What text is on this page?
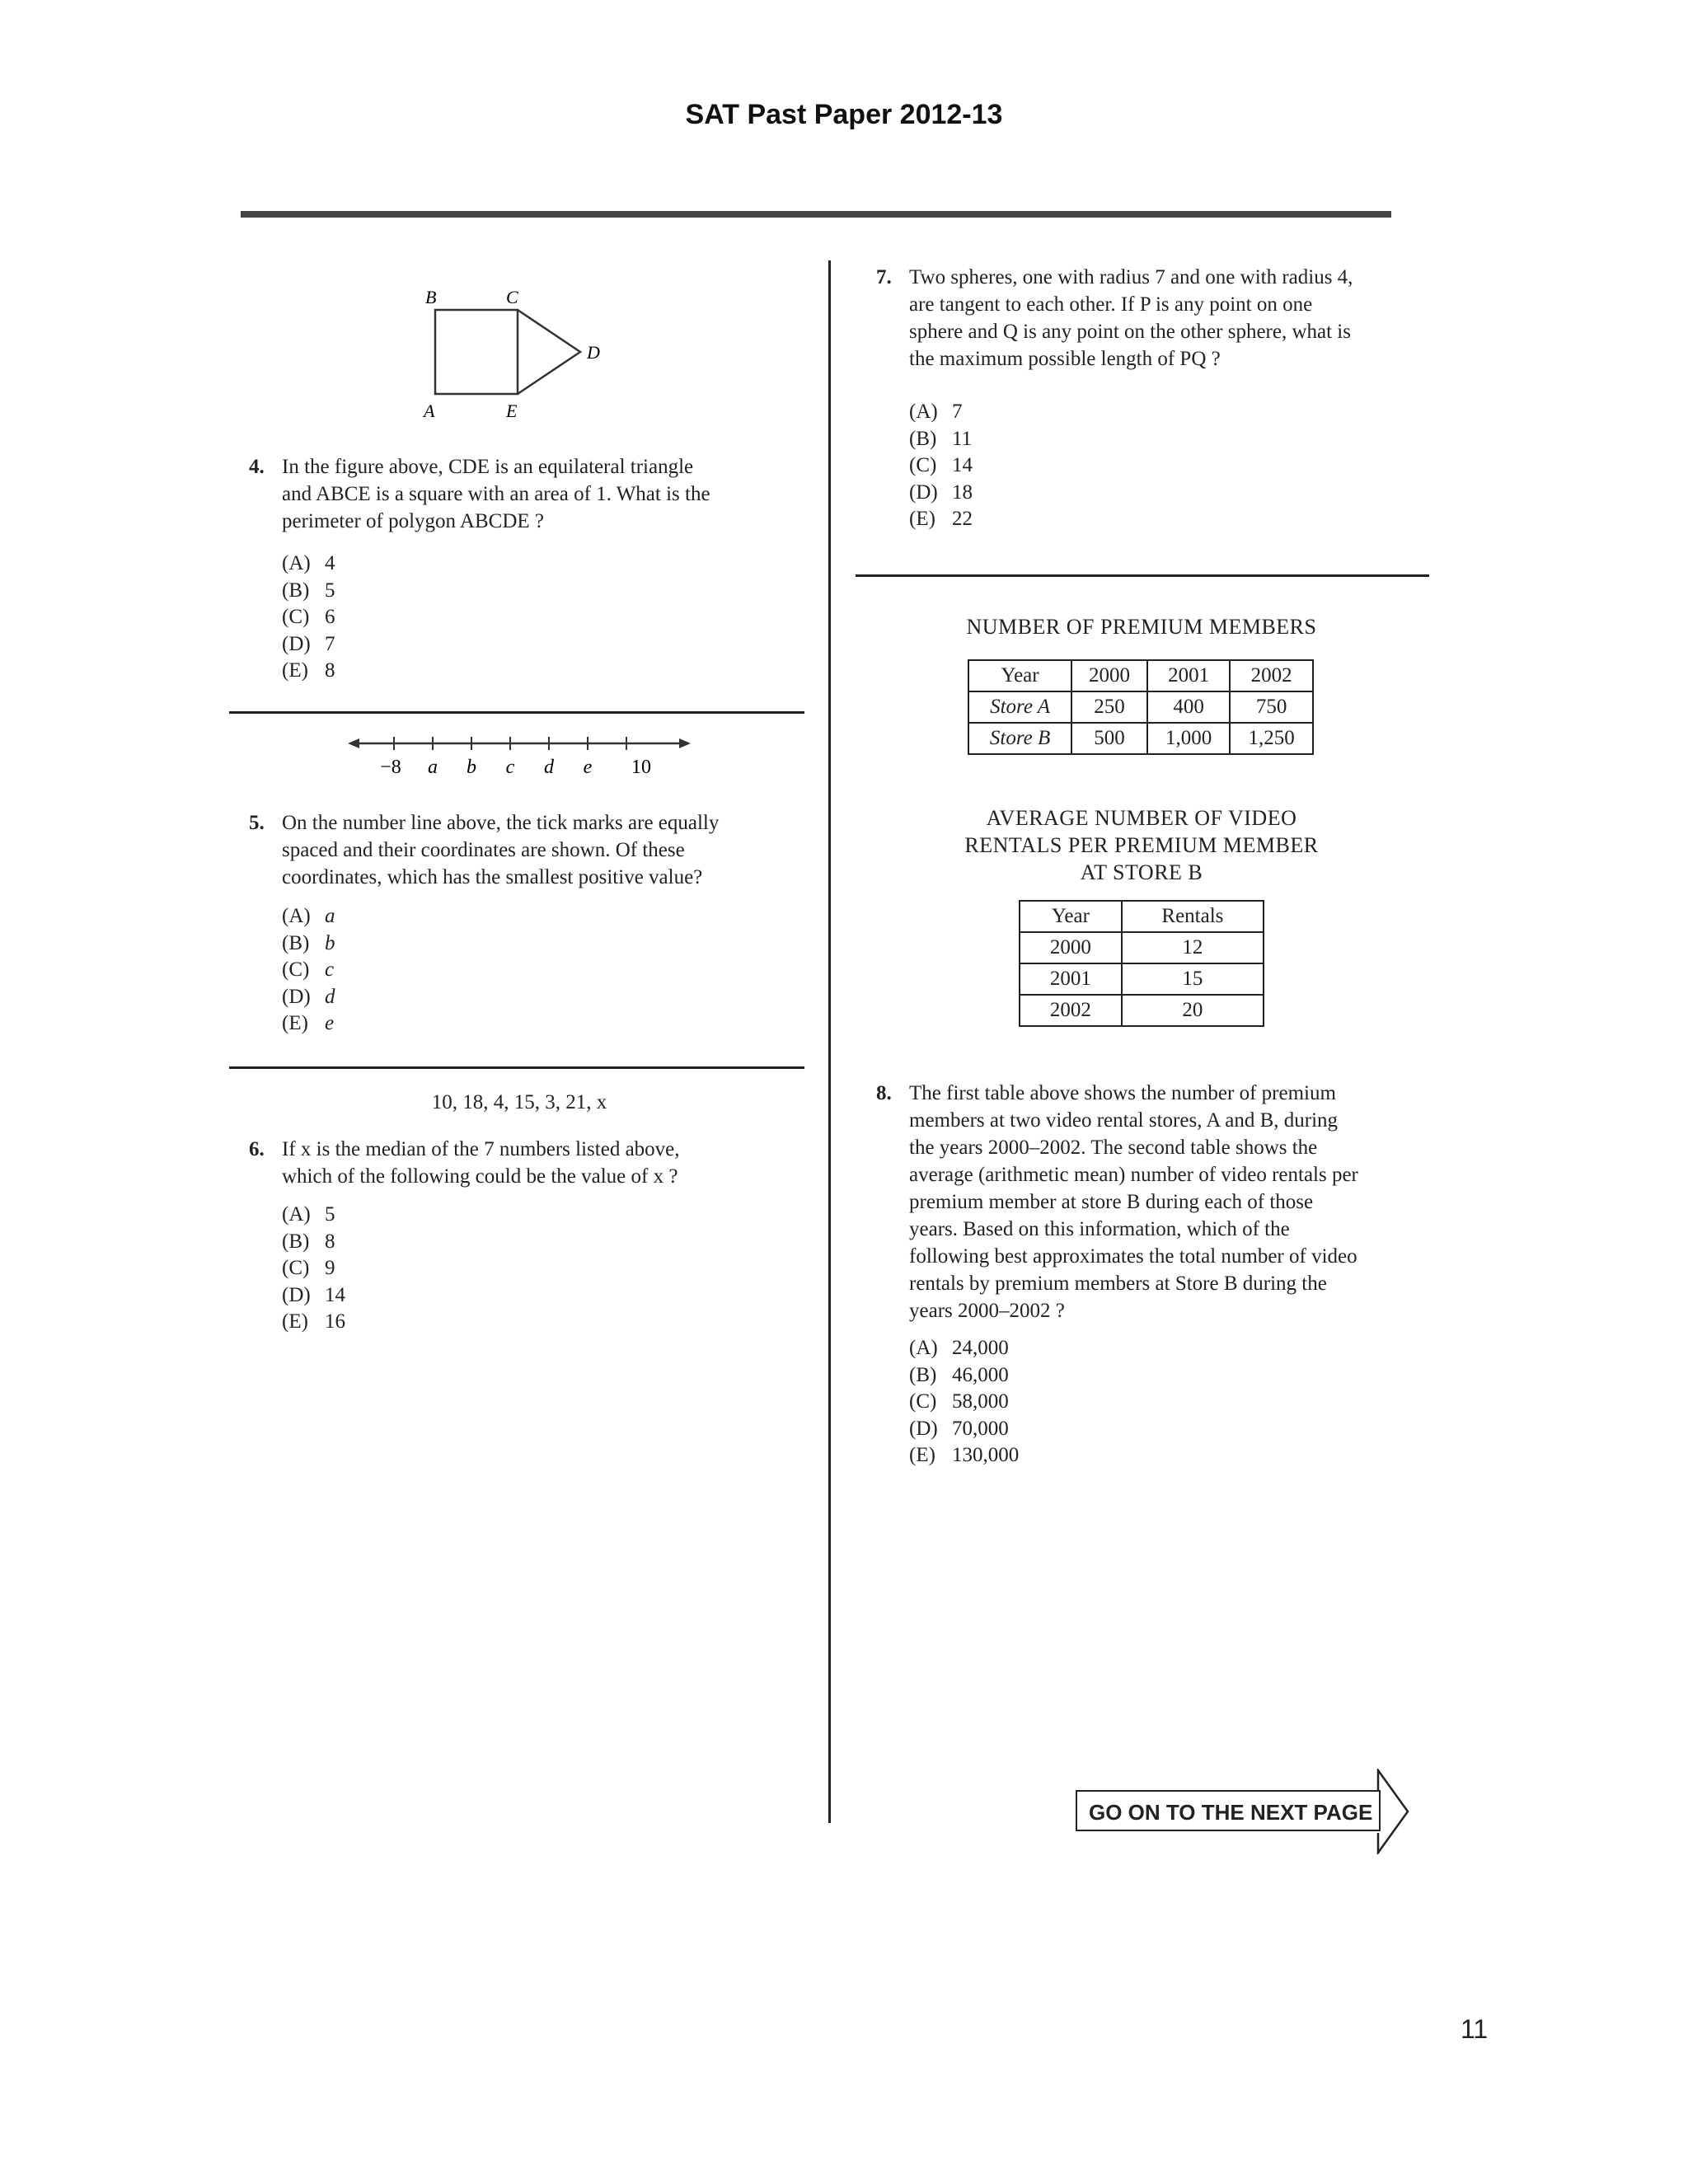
SAT Past Paper 2012-13
B	C
D
A	E
4. In the figure above, CDE is an equilateral triangle
and ABCE is a square with an area of 1. What is the
perimeter of polygon ABCDE ?
(A) 4
(B) 5
(C) 6
(D) 7
(E) 8
−8 a b c d e 10
5. On the number line above, the tick marks are equally
spaced and their coordinates are shown. Of these
coordinates, which has the smallest positive value?
(A) a
(B) b
(C) c
(D) d
(E) e
10, 18, 4, 15, 3, 21, x
6. If x is the median of the 7 numbers listed above,
which of the following could be the value of x ?
(A) 5
(B) 8
(C) 9
(D) 14
(E) 16
7. Two spheres, one with radius 7 and one with radius 4,
are tangent to each other. If P is any point on one
sphere and Q is any point on the other sphere, what is
the maximum possible length of PQ ?
(A) 7
(B) 11
(C) 14
(D) 18
(E) 22
NUMBER OF PREMIUM MEMBERS
Year	2000	2001	2002
Store A	250	400	750
Store B	500	1,000	1,250
AVERAGE NUMBER OF VIDEO
RENTALS PER PREMIUM MEMBER
AT STORE B
Year	Rentals
2000	12
2001	15
2002	20
8. The first table above shows the number of premium
members at two video rental stores, A and B, during
the years 2000–2002. The second table shows the
average (arithmetic mean) number of video rentals per
premium member at store B during each of those
years. Based on this information, which of the
following best approximates the total number of video
rentals by premium members at Store B during the
years 2000–2002 ?
(A) 24,000
(B) 46,000
(C) 58,000
(D) 70,000
(E) 130,000
GO ON TO THE NEXT PAGE
11
